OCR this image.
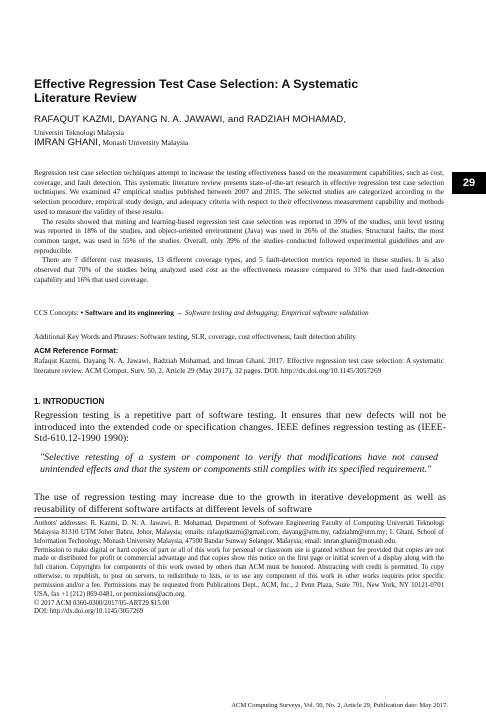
Effective Regression Test Case Selection: A Systematic Literature Review
RAFAQUT KAZMI, DAYANG N. A. JAWAWI, and RADZIAH MOHAMAD,
Universiti Teknologi Malaysia
IMRAN GHANI, Monash University Malaysia

Regression test case selection techniques attempt to increase the testing effectiveness based on the measurement capabilities, such as cost, coverage, and fault detection. This systematic literature review presents state-of-the-art research in effective regression test case selection techniques. We examined 47 empirical studies published between 2007 and 2015. The selected studies are categorized according to the selection procedure, empirical study design, and adequacy criteria with respect to their effectiveness measurement capability and methods used to measure the validity of these results.

The results showed that mining and learning-based regression test case selection was reported in 39% of the studies, unit level testing was reported in 18% of the studies, and object-oriented environment (Java) was used in 26% of the studies. Structural faults, the most common target, was used in 55% of the studies. Overall, only 39% of the studies conducted followed experimental guidelines and are reproducible.

There are 7 different cost measures, 13 different coverage types, and 5 fault-detection metrics reported in these studies. It is also observed that 70% of the studies being analyzed used cost as the effectiveness measure compared to 31% that used fault-detection capability and 16% that used coverage.

CCS Concepts: • Software and its engineering → Software testing and debugging; Empirical software validation
Additional Key Words and Phrases: Software testing, SLR, coverage, cost effectiveness, fault detection ability
ACM Reference Format:
Rafaqut Kazmi, Dayang N. A. Jawawi, Radziah Mohamad, and Imran Ghani. 2017. Effective regression test case selection: A systematic literature review. ACM Comput. Surv. 50, 2, Article 29 (May 2017), 32 pages. DOI: http://dx.doi.org/10.1145/3057269
1. INTRODUCTION

Regression testing is a repetitive part of software testing. It ensures that new defects will not be introduced into the extended code or specification changes. IEEE defines regression testing as (IEEE-Std-610.12-1990 1990):

"Selective retesting of a system or component to verify that modifications have not caused unintended effects and that the system or components still complies with its specified requirement."

The use of regression testing may increase due to the growth in iterative development as well as reusability of different software artifacts at different levels of software

Authors' addresses: R. Kazmi, D. N. A. Jawawi, R. Mohamad, Department of Software Engineering Faculty of Computing Universiti Teknologi Malaysia 81310 UTM Johor Bahru, Johor, Malaysia; emails: rafaqutkazmi@gmail.com, dayang@utm.my, radziahm@utm.my; I. Ghani, School of Information Technology, Monash University Malaysia, 47500 Bandar Sunway Selangor, Malaysia; email: imran.ghani@monash.edu.
Permission to make digital or hard copies of part or all of this work for personal or classroom use is granted without fee provided that copies are not made or distributed for profit or commercial advantage and that copies show this notice on the first page or initial screen of a display along with the full citation. Copyrights for components of this work owned by others than ACM must be honored. Abstracting with credit is permitted. To copy otherwise, to republish, to post on servers, to redistribute to lists, or to use any component of this work in other works requires prior specific permission and/or a fee. Permissions may be requested from Publications Dept., ACM, Inc., 2 Penn Plaza, Suite 701, New York, NY 10121-0701 USA, fax +1 (212) 869-0481, or permissions@acm.org.
© 2017 ACM 0360-0300/2017/05-ART29 $15.00
DOI: http://dx.doi.org/10.1145/3057269
ACM Computing Surveys, Vol. 50, No. 2, Article 29, Publication date: May 2017.
29
